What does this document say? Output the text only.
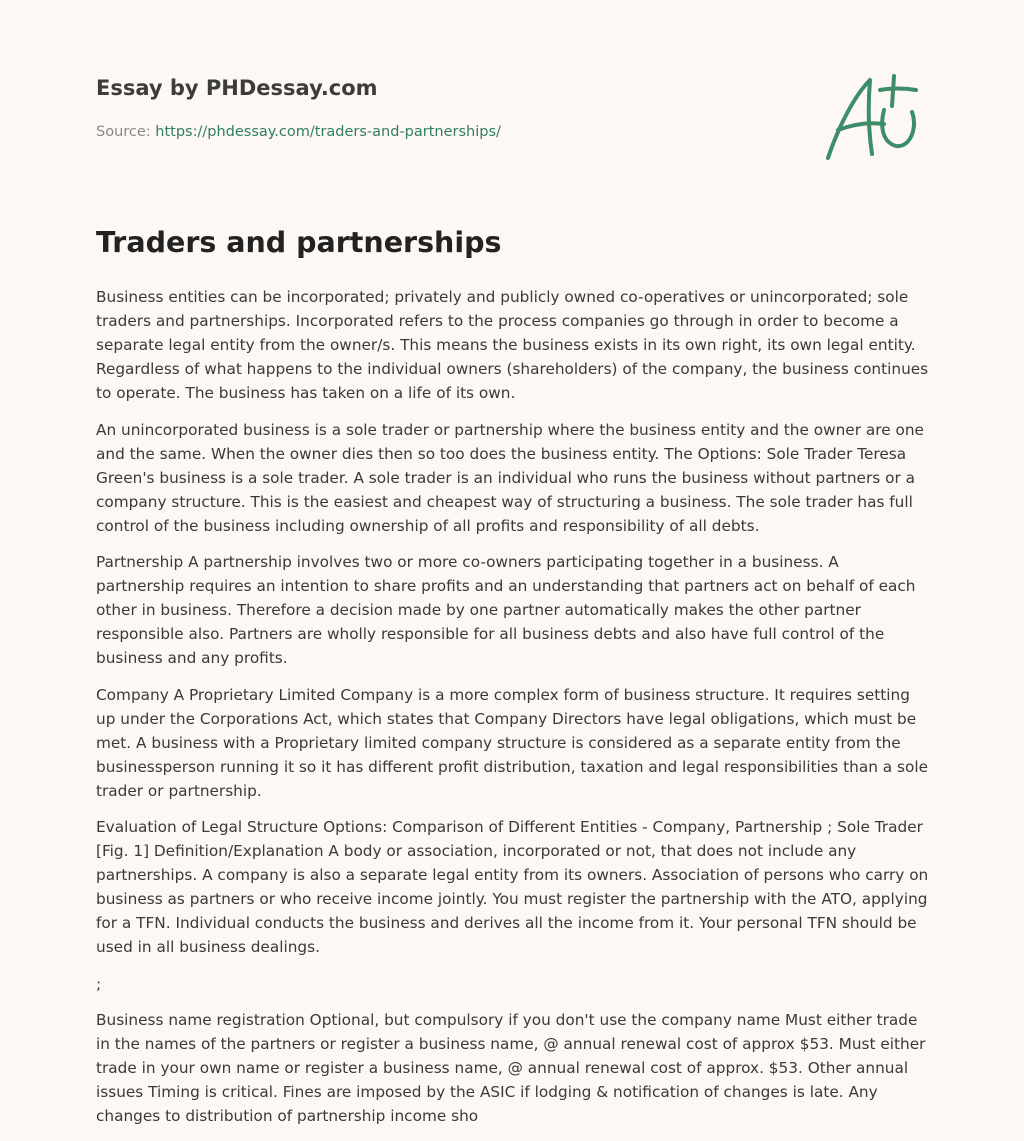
Essay by PHDessay.com
Source: https://phdessay.com/traders-and-partnerships/
Traders and partnerships

Business entities can be incorporated; privately and publicly owned co-operatives or unincorporated; sole traders and partnerships. Incorporated refers to the process companies go through in order to become a separate legal entity from the owner/s. This means the business exists in its own right, its own legal entity. Regardless of what happens to the individual owners (shareholders) of the company, the business continues to operate. The business has taken on a life of its own.

An unincorporated business is a sole trader or partnership where the business entity and the owner are one and the same. When the owner dies then so too does the business entity. The Options: Sole Trader Teresa Green's business is a sole trader. A sole trader is an individual who runs the business without partners or a company structure. This is the easiest and cheapest way of structuring a business. The sole trader has full control of the business including ownership of all profits and responsibility of all debts.

Partnership A partnership involves two or more co-owners participating together in a business. A partnership requires an intention to share profits and an understanding that partners act on behalf of each other in business. Therefore a decision made by one partner automatically makes the other partner responsible also. Partners are wholly responsible for all business debts and also have full control of the business and any profits.

Company A Proprietary Limited Company is a more complex form of business structure. It requires setting up under the Corporations Act, which states that Company Directors have legal obligations, which must be met. A business with a Proprietary limited company structure is considered as a separate entity from the businessperson running it so it has different profit distribution, taxation and legal responsibilities than a sole trader or partnership.

Evaluation of Legal Structure Options: Comparison of Different Entities - Company, Partnership ; Sole Trader [Fig. 1] Definition/Explanation A body or association, incorporated or not, that does not include any partnerships. A company is also a separate legal entity from its owners. Association of persons who carry on business as partners or who receive income jointly. You must register the partnership with the ATO, applying for a TFN. Individual conducts the business and derives all the income from it. Your personal TFN should be used in all business dealings.

;

Business name registration Optional, but compulsory if you don't use the company name Must either trade in the names of the partners or register a business name, @ annual renewal cost of approx $53. Must either trade in your own name or register a business name, @ annual renewal cost of approx. $53. Other annual issues Timing is critical. Fines are imposed by the ASIC if lodging & notification of changes is late. Any changes to distribution of partnership income sho
